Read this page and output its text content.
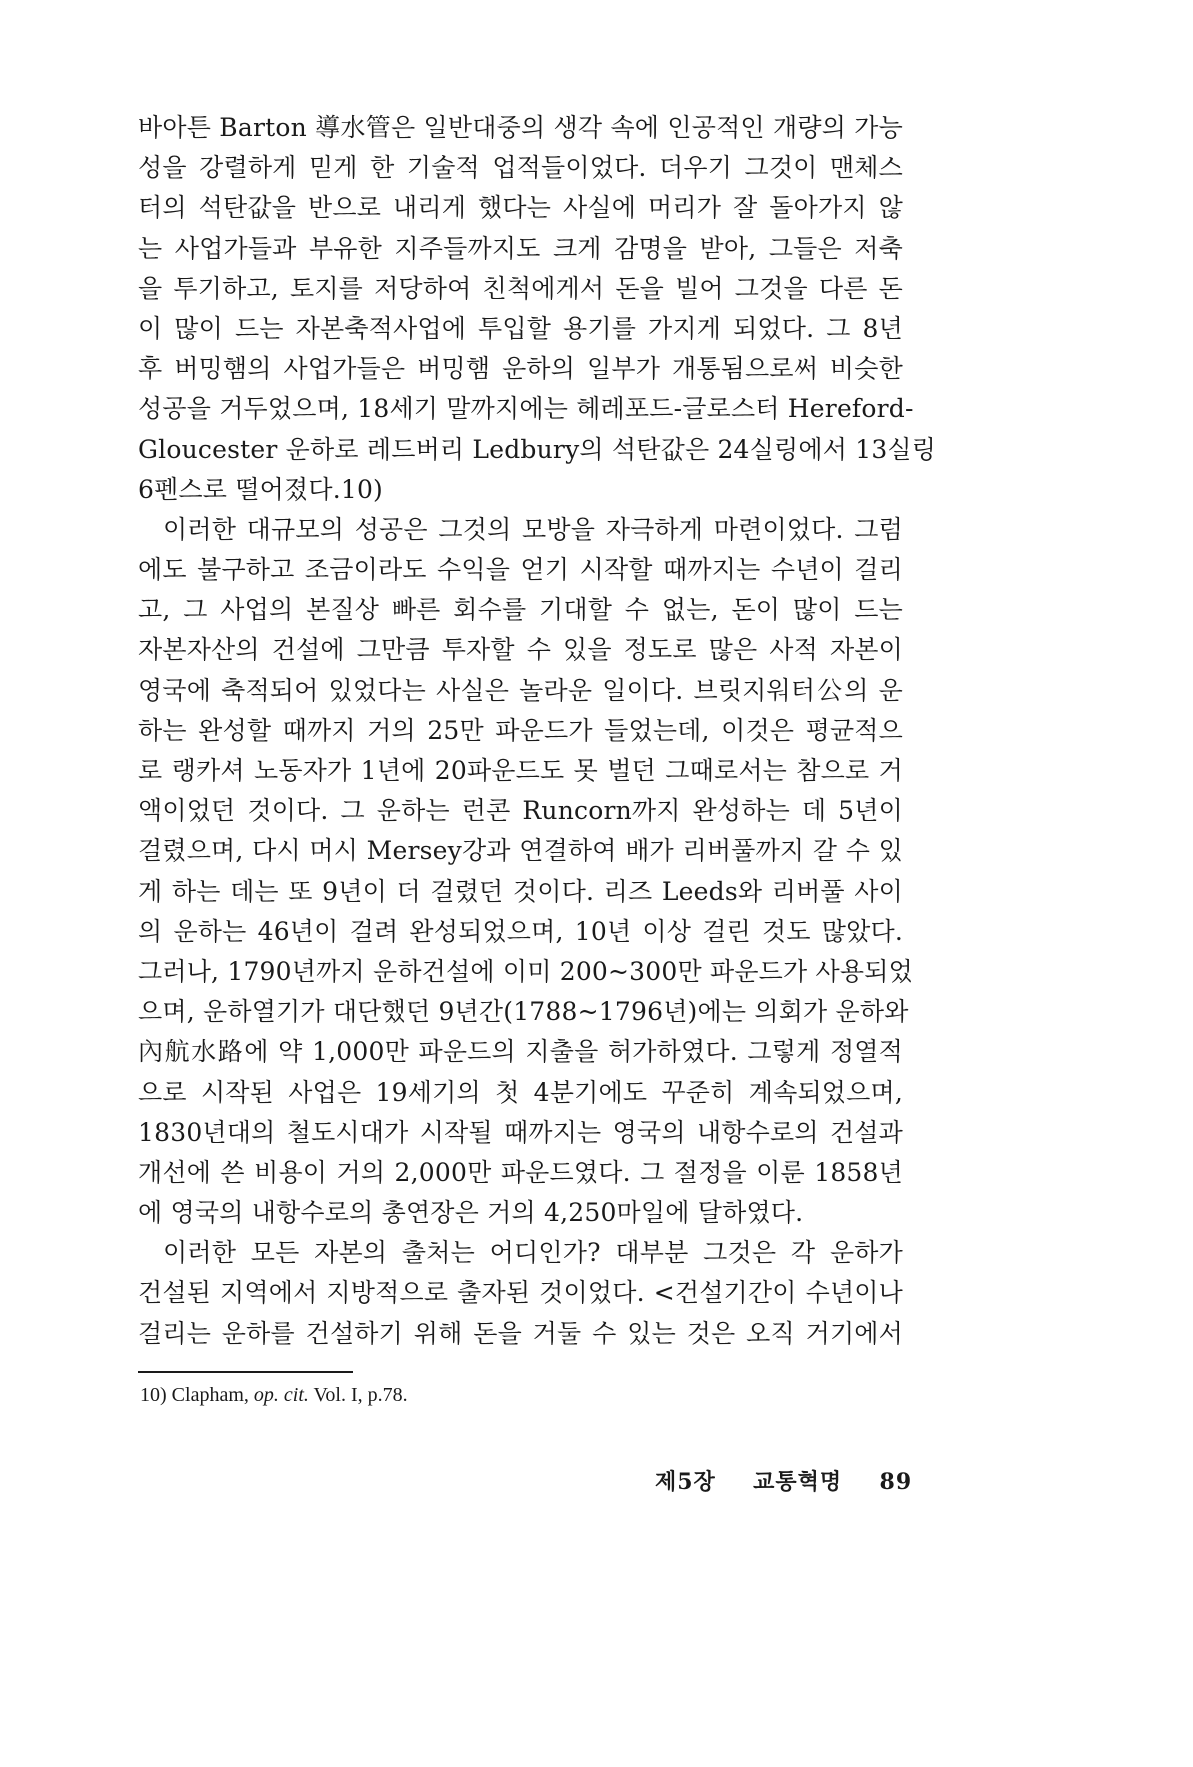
바아튼 Barton 導水管은 일반대중의 생각 속에 인공적인 개량의 가능
성을 강렬하게 믿게 한 기술적 업적들이었다. 더우기 그것이 맨체스
터의 석탄값을 반으로 내리게 했다는 사실에 머리가 잘 돌아가지 않
는 사업가들과 부유한 지주들까지도 크게 감명을 받아, 그들은 저축
을 투기하고, 토지를 저당하여 친척에게서 돈을 빌어 그것을 다른 돈
이 많이 드는 자본축적사업에 투입할 용기를 가지게 되었다. 그 8년
후 버밍햄의 사업가들은 버밍햄 운하의 일부가 개통됨으로써 비슷한
성공을 거두었으며, 18세기 말까지에는 헤레포드-글로스터 Hereford-
Gloucester 운하로 레드버리 Ledbury의 석탄값은 24실링에서 13실링
6펜스로 떨어졌다.10)
이러한 대규모의 성공은 그것의 모방을 자극하게 마련이었다. 그럼
에도 불구하고 조금이라도 수익을 얻기 시작할 때까지는 수년이 걸리
고, 그 사업의 본질상 빠른 회수를 기대할 수 없는, 돈이 많이 드는
자본자산의 건설에 그만큼 투자할 수 있을 정도로 많은 사적 자본이
영국에 축적되어 있었다는 사실은 놀라운 일이다. 브릿지워터公의 운
하는 완성할 때까지 거의 25만 파운드가 들었는데, 이것은 평균적으
로 랭카셔 노동자가 1년에 20파운드도 못 벌던 그때로서는 참으로 거
액이었던 것이다. 그 운하는 런콘 Runcorn까지 완성하는 데 5년이
걸렸으며, 다시 머시 Mersey강과 연결하여 배가 리버풀까지 갈 수 있
게 하는 데는 또 9년이 더 걸렸던 것이다. 리즈 Leeds와 리버풀 사이
의 운하는 46년이 걸려 완성되었으며, 10년 이상 걸린 것도 많았다.
그러나, 1790년까지 운하건설에 이미 200~300만 파운드가 사용되었
으며, 운하열기가 대단했던 9년간(1788~1796년)에는 의회가 운하와
內航水路에 약 1,000만 파운드의 지출을 허가하였다. 그렇게 정열적
으로 시작된 사업은 19세기의 첫 4분기에도 꾸준히 계속되었으며,
1830년대의 철도시대가 시작될 때까지는 영국의 내항수로의 건설과
개선에 쓴 비용이 거의 2,000만 파운드였다. 그 절정을 이룬 1858년
에 영국의 내항수로의 총연장은 거의 4,250마일에 달하였다.
이러한 모든 자본의 출처는 어디인가? 대부분 그것은 각 운하가
건설된 지역에서 지방적으로 출자된 것이었다. <건설기간이 수년이나
걸리는 운하를 건설하기 위해 돈을 거둘 수 있는 것은 오직 거기에서
10) Clapham, op. cit. Vol. I, p.78.
제5장 교통혁명 89
